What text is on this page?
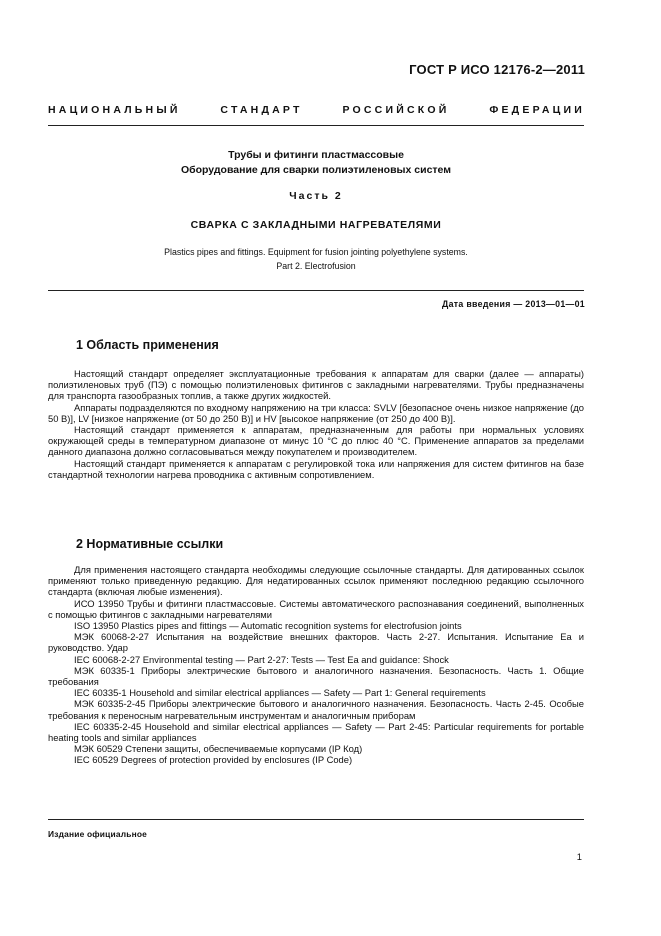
ГОСТ Р ИСО 12176-2—2011
НАЦИОНАЛЬНЫЙ СТАНДАРТ РОССИЙСКОЙ ФЕДЕРАЦИИ
Трубы и фитинги пластмассовые
Оборудование для сварки полиэтиленовых систем
Часть 2
СВАРКА С ЗАКЛАДНЫМИ НАГРЕВАТЕЛЯМИ
Plastics pipes and fittings. Equipment for fusion jointing polyethylene systems.
Part 2. Electrofusion
Дата введения — 2013—01—01
1 Область применения

Настоящий стандарт определяет эксплуатационные требования к аппаратам для сварки (далее — аппараты) полиэтиленовых труб (ПЭ) с помощью полиэтиленовых фитингов с закладными нагревателями. Трубы предназначены для транспорта газообразных топлив, а также других жидкостей.

Аппараты подразделяются по входному напряжению на три класса: SVLV [безопасное очень низкое напряжение (до 50 В)], LV [низкое напряжение (от 50 до 250 В)] и HV [высокое напряжение (от 250 до 400 В)].

Настоящий стандарт применяется к аппаратам, предназначенным для работы при нормальных условиях окружающей среды в температурном диапазоне от минус 10 °С до плюс 40 °С. Применение аппаратов за пределами данного диапазона должно согласовываться между покупателем и производителем.

Настоящий стандарт применяется к аппаратам с регулировкой тока или напряжения для систем фитингов на базе стандартной технологии нагрева проводника с активным сопротивлением.

2 Нормативные ссылки

Для применения настоящего стандарта необходимы следующие ссылочные стандарты. Для датированных ссылок применяют только приведенную редакцию. Для недатированных ссылок применяют последнюю редакцию ссылочного стандарта (включая любые изменения).

ИСО 13950 Трубы и фитинги пластмассовые. Системы автоматического распознавания соединений, выполненных с помощью фитингов с закладными нагревателями

ISO 13950 Plastics pipes and fittings — Automatic recognition systems for electrofusion joints

МЭК 60068-2-27 Испытания на воздействие внешних факторов. Часть 2-27. Испытания. Испытание Ea и руководство. Удар

IEC 60068-2-27 Environmental testing — Part 2-27: Tests — Test Ea and guidance: Shock

МЭК 60335-1 Приборы электрические бытового и аналогичного назначения. Безопасность. Часть 1. Общие требования

IEC 60335-1 Household and similar electrical appliances — Safety — Part 1: General requirements

МЭК 60335-2-45 Приборы электрические бытового и аналогичного назначения. Безопасность. Часть 2-45. Особые требования к переносным нагревательным инструментам и аналогичным приборам

IEC 60335-2-45 Household and similar electrical appliances — Safety — Part 2-45: Particular requirements for portable heating tools and similar appliances

МЭК 60529 Степени защиты, обеспечиваемые корпусами (IP Код)

IEC 60529 Degrees of protection provided by enclosures (IP Code)

Издание официальное
1
